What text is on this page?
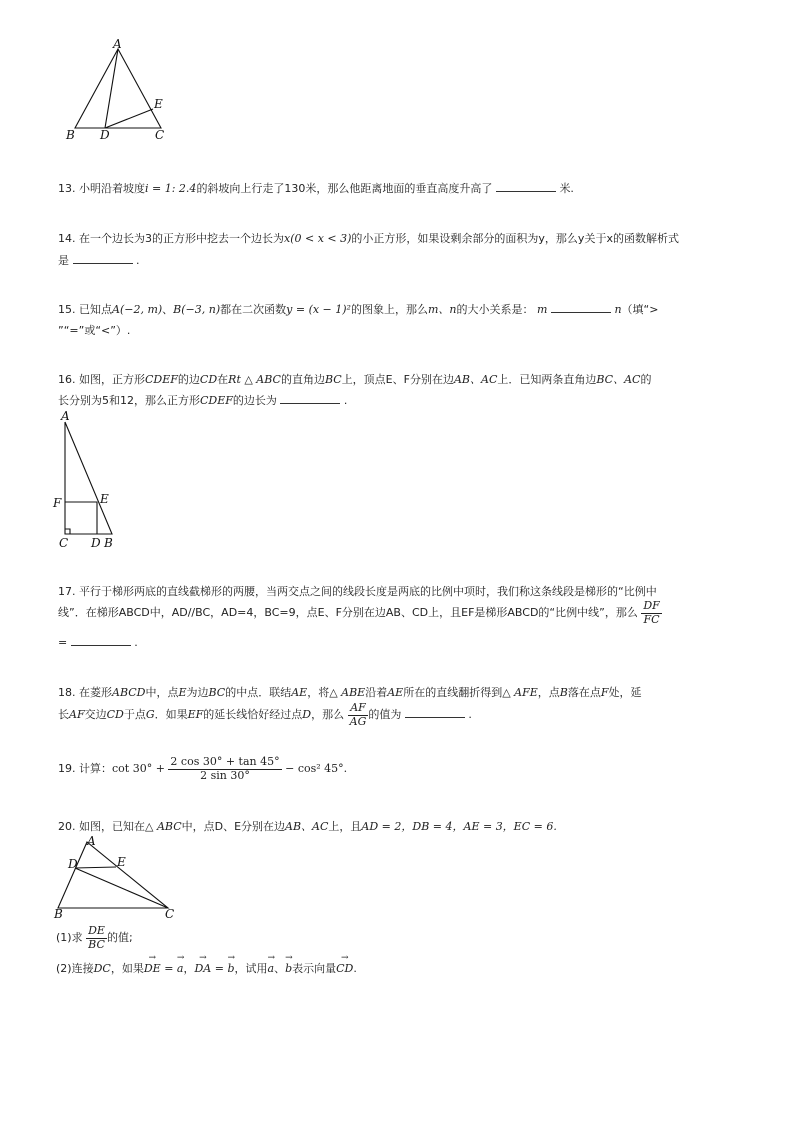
A
B D	C
E
13. 小明沿着坡度i = 1: 2.4的斜坡向上行走了130米，那么他距离地面的垂直高度升高了	米.
14. 在一个边长为3的正方形中挖去一个边长为x(0 < x < 3)的小正方形，如果设剩余部分的面积为y，那么y关于x的函数解析式
是	.
15. 已知点A(−2, m)、B(−3, n)都在二次函数y = (x − 1)²的图象上，那么m、n的大小关系是： m	n（填“>
”“=”或“<”）.
16. 如图，正方形CDEF的边CD在Rt △ ABC的直角边BC上，顶点E、F分别在边AB、AC上．已知两条直角边BC、AC的
长分别为5和12，那么正方形CDEF的边长为	.
A
F	E
C D B
17. 平行于梯形两底的直线截梯形的两腰，当两交点之间的线段长度是两底的比例中项时，我们称这条线段是梯形的“比例中
线”．在梯形ABCD中，AD//BC，AD=4，BC=9，点E、F分别在边AB、CD上，且EF是梯形ABCD的“比例中线”，那么 $\frac{DF}{FC}$
=	.
18. 在菱形ABCD中，点E为边BC的中点．联结AE，将△ ABE沿着AE所在的直线翻折得到△ AFE，点B落在点F处，延
长AF交边CD于点G．如果EF的延长线恰好经过点D，那么 $\frac{AF}{AG}$ 的值为	.
19. 计算：$\cot 30^\circ + \frac{2 \cos 30^\circ + \tan 45^\circ}{2 \sin 30^\circ} - \cos^2$ 45°.
20. 如图，已知在△ ABC中，点D、E分别在边AB、AC上，且AD = 2，DB = 4，AE = 3，EC = 6.
A
D	E
B	C
(1)求 $\frac{DE}{BC}$ 的值;
(2)连接DC，如果→ DE = → a，→ DA = → b，试用→ a、→ b表示向量→ CD.
